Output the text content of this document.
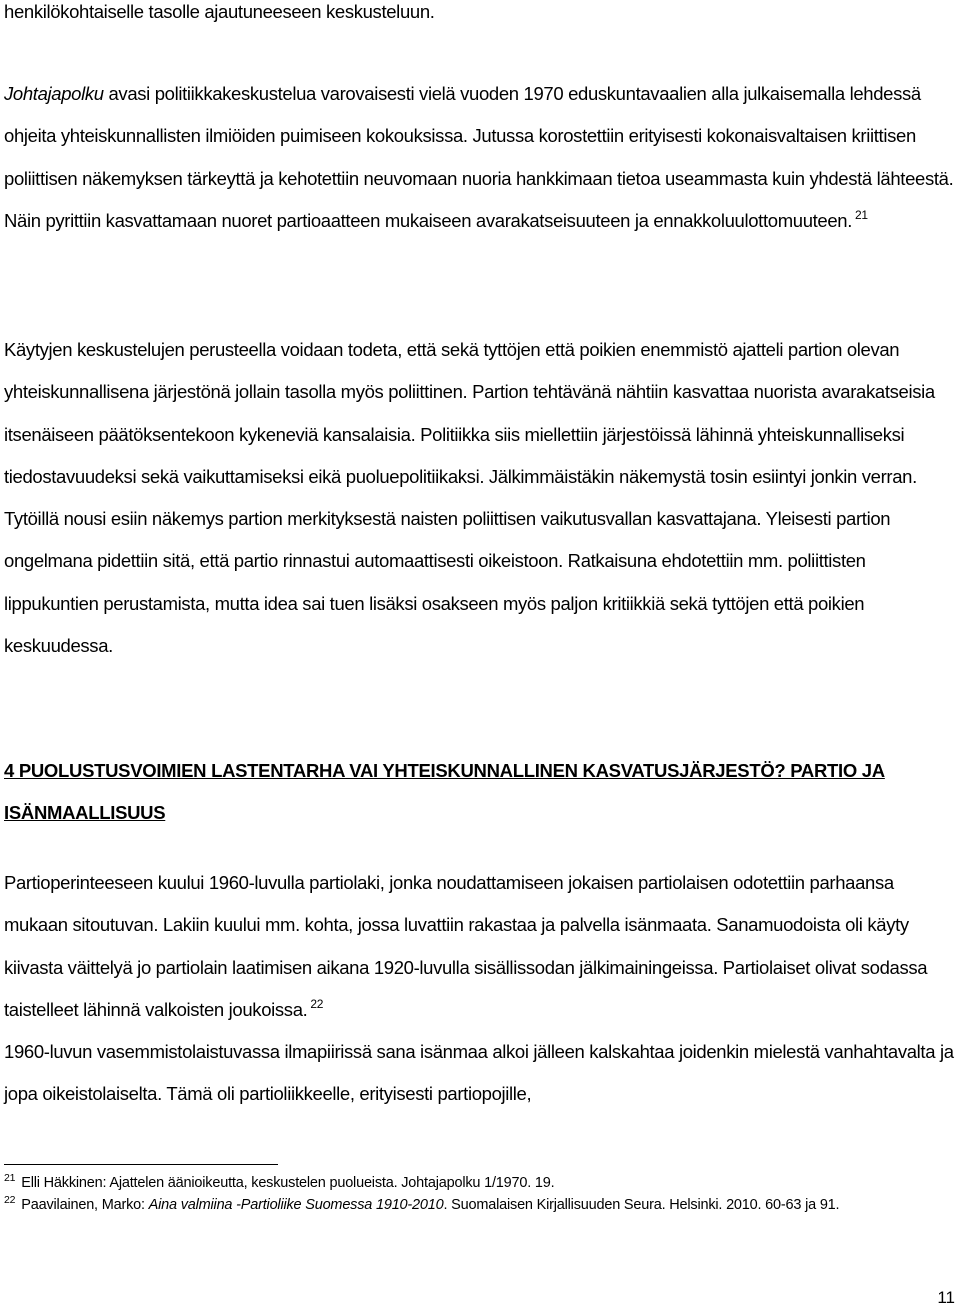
henkilökohtaiselle tasolle ajautuneeseen keskusteluun.

Johtajapolku avasi politiikkakeskustelua varovaisesti vielä vuoden 1970 eduskuntavaalien alla julkaisemalla lehdessä ohjeita yhteiskunnallisten ilmiöiden puimiseen kokouksissa. Jutussa korostettiin erityisesti kokonaisvaltaisen kriittisen poliittisen näkemyksen tärkeyttä ja kehotettiin neuvomaan nuoria hankkimaan tietoa useammasta kuin yhdestä lähteestä. Näin pyrittiin kasvattamaan nuoret partioaatteen mukaiseen avarakatseisuuteen ja ennakkoluulottomuuteen. $^{21}$

Käytyjen keskustelujen perusteella voidaan todeta, että sekä tyttöjen että poikien enemmistö ajatteli partion olevan yhteiskunnallisena järjestönä jollain tasolla myös poliittinen. Partion tehtävänä nähtiin kasvattaa nuorista avarakatseisia itsenäiseen päätöksentekoon kykeneviä kansalaisia. Politiikka siis miellettiin järjestöissä lähinnä yhteiskunnalliseksi tiedostavuudeksi sekä vaikuttamiseksi eikä puoluepolitiikaksi. Jälkimmäistäkin näkemystä tosin esiintyi jonkin verran. Tytöillä nousi esiin näkemys partion merkityksestä naisten poliittisen vaikutusvallan kasvattajana. Yleisesti partion ongelmana pidettiin sitä, että partio rinnastui automaattisesti oikeistoon. Ratkaisuna ehdotettiin mm. poliittisten lippukuntien perustamista, mutta idea sai tuen lisäksi osakseen myös paljon kritiikkiä sekä tyttöjen että poikien keskuudessa.

4 PUOLUSTUSVOIMIEN LASTENTARHA VAI YHTEISKUNNALLINEN KASVATUSJÄRJESTÖ? PARTIO JA
ISÄNMAALLISUUS

Partioperinteeseen kuului 1960-luvulla partiolaki, jonka noudattamiseen jokaisen partiolaisen odotettiin parhaansa mukaan sitoutuvan. Lakiin kuului mm. kohta, jossa luvattiin rakastaa ja palvella isänmaata. Sanamuodoista oli käyty kiivasta väittelyä jo partiolain laatimisen aikana 1920-luvulla sisällissodan jälkimainingeissa. Partiolaiset olivat sodassa taistelleet lähinnä valkoisten joukoissa. $^{22}$
1960-luvun vasemmistolaistuvassa ilmapiirissä sana isänmaa alkoi jälleen kalskahtaa joidenkin mielestä vanhahtavalta ja jopa oikeistolaiselta. Tämä oli partioliikkeelle, erityisesti partiopojille,

$^{21}$ Elli Häkkinen: Ajattelen äänioikeutta, keskustelen puolueista. Johtajapolku 1/1970. 19.

$^{22}$ Paavilainen, Marko: Aina valmiina -Partioliike Suomessa 1910-2010. Suomalaisen Kirjallisuuden Seura. Helsinki. 2010. 60-63 ja 91.

11
